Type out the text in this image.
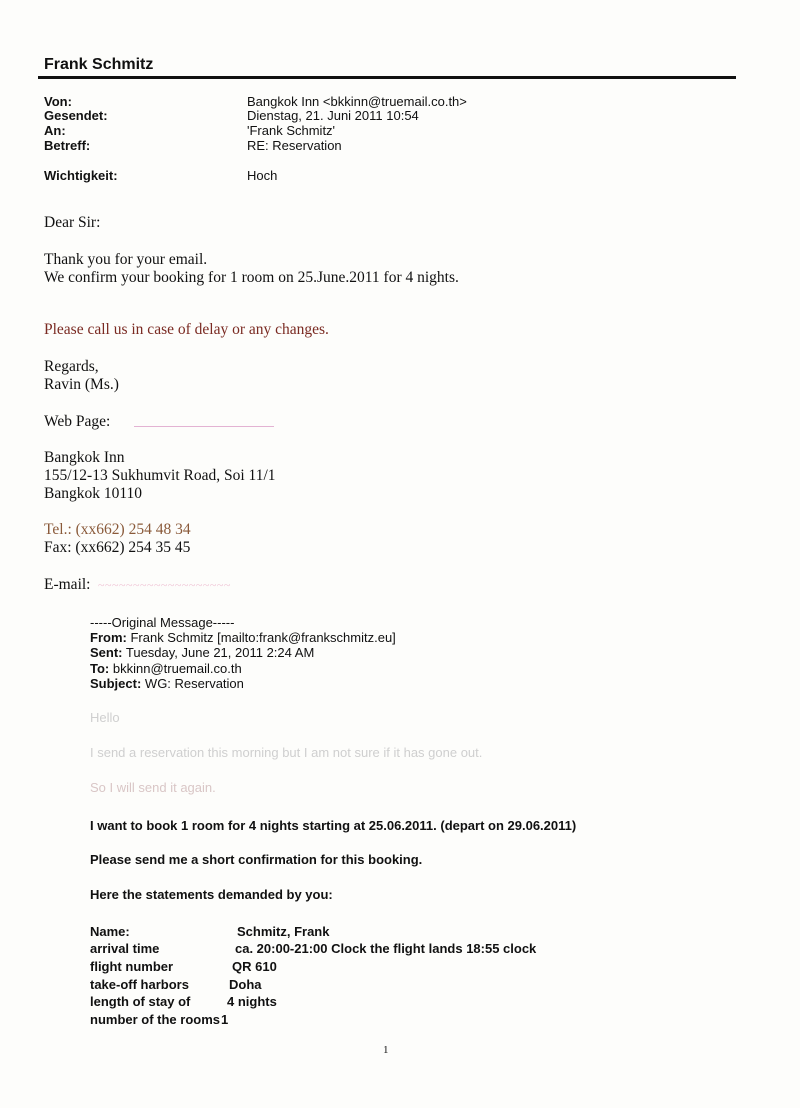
Frank Schmitz
Von:	Bangkok Inn <bkkinn@truemail.co.th>
Gesendet:	Dienstag, 21. Juni 2011 10:54
An:	'Frank Schmitz'
Betreff:	RE: Reservation
Wichtigkeit:	Hoch
Dear Sir:
Thank you for your email.
We confirm your booking for 1 room on 25.June.2011 for 4 nights.
Please call us in case of delay or any changes.
Regards,
Ravin (Ms.)
Web Page:
Bangkok Inn
155/12-13 Sukhumvit Road, Soi 11/1
Bangkok 10110
Tel.: (xx662) 254 48 34
Fax: (xx662) 254 35 45
E-mail: ~~~~~~~~~~~~~~~~~~~
-----Original Message-----
From: Frank Schmitz [mailto:frank@frankschmitz.eu]
Sent: Tuesday, June 21, 2011 2:24 AM
To: bkkinn@truemail.co.th
Subject: WG: Reservation
Hello
I send a reservation this morning but I am not sure if it has gone out.
So I will send it again.
I want to book 1 room for 4 nights starting at 25.06.2011. (depart on 29.06.2011)
Please send me a short confirmation for this booking.
Here the statements demanded by you:
Name:	Schmitz, Frank
arrival time	ca. 20:00-21:00 Clock the flight lands 18:55 clock
flight number	QR 610
take-off harbors	Doha
length of stay of	4 nights
number of the rooms 1
1
